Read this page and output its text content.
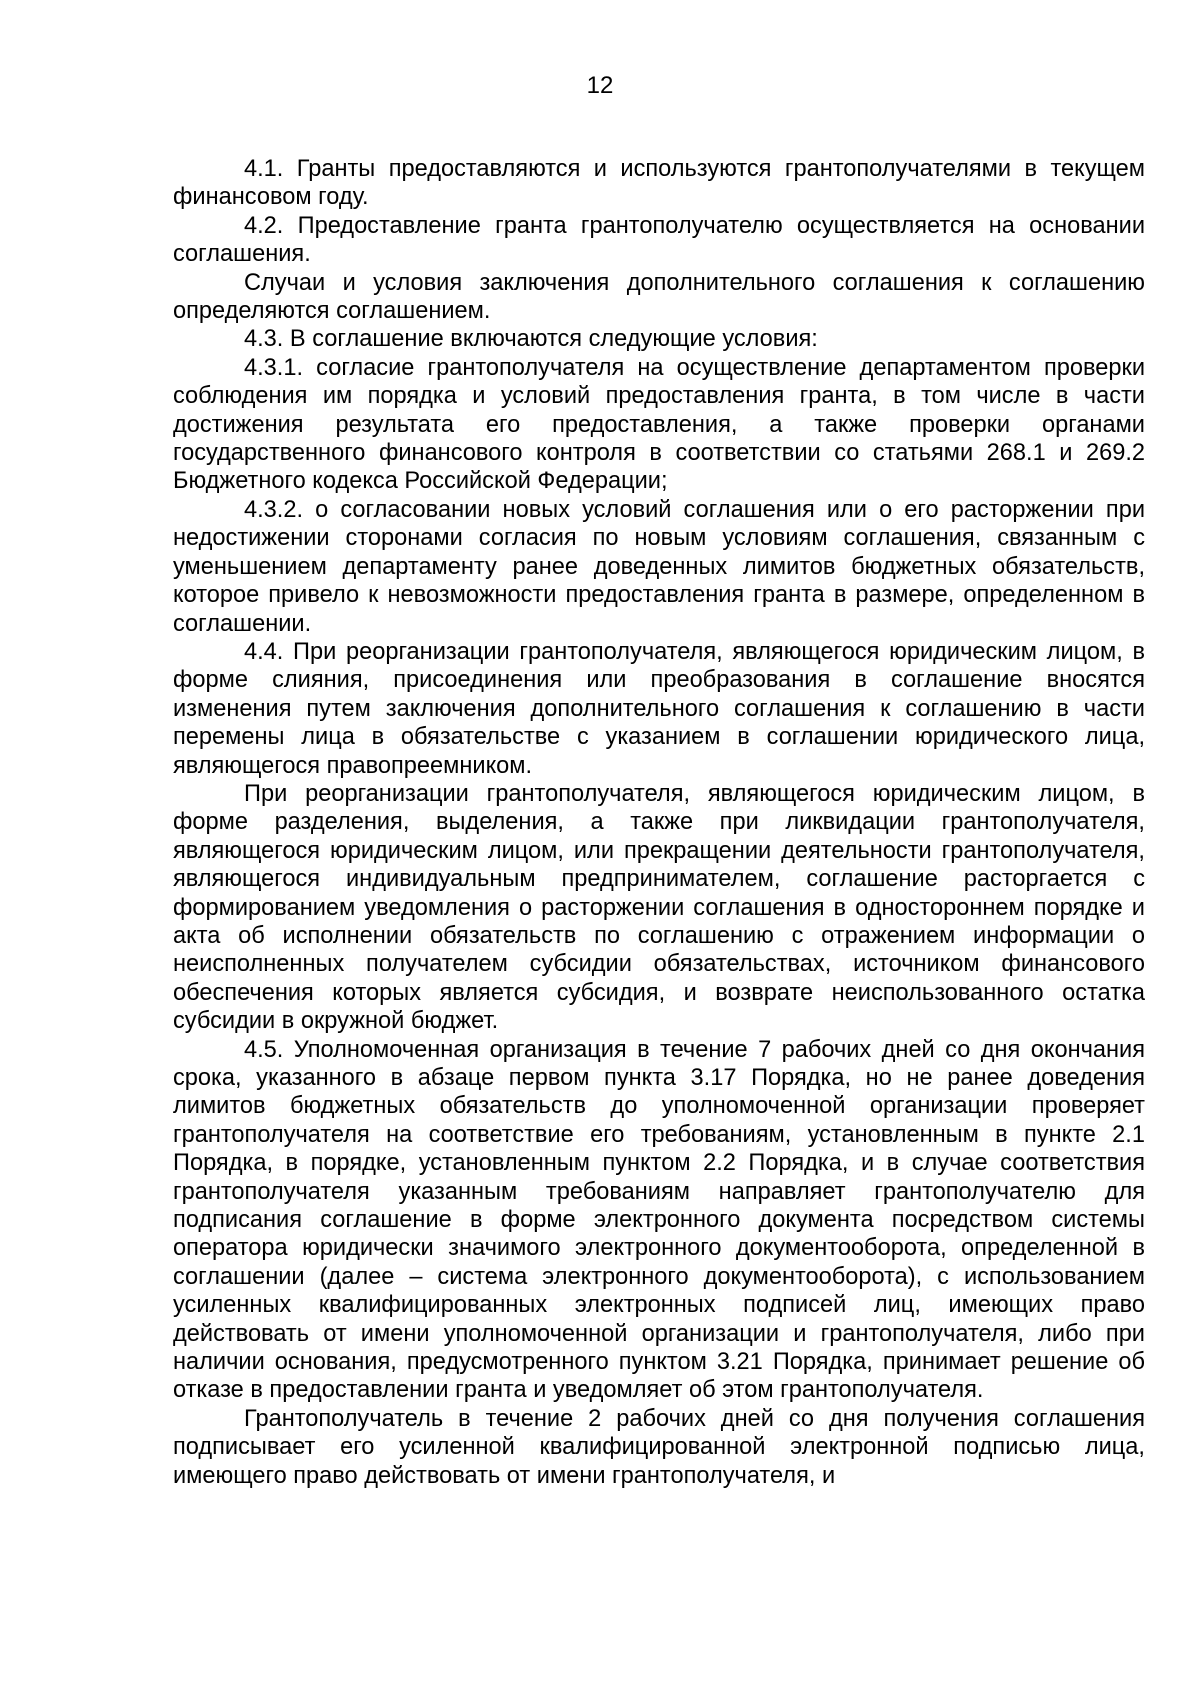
12

4.1. Гранты предоставляются и используются грантополучателями в текущем финансовом году.

4.2. Предоставление гранта грантополучателю осуществляется на основании соглашения.

Случаи и условия заключения дополнительного соглашения к соглашению определяются соглашением.

4.3. В соглашение включаются следующие условия:

4.3.1. согласие грантополучателя на осуществление департаментом проверки соблюдения им порядка и условий предоставления гранта, в том числе в части достижения результата его предоставления, а также проверки органами государственного финансового контроля в соответствии со статьями 268.1 и 269.2 Бюджетного кодекса Российской Федерации;

4.3.2. о согласовании новых условий соглашения или о его расторжении при недостижении сторонами согласия по новым условиям соглашения, связанным с уменьшением департаменту ранее доведенных лимитов бюджетных обязательств, которое привело к невозможности предоставления гранта в размере, определенном в соглашении.

4.4. При реорганизации грантополучателя, являющегося юридическим лицом, в форме слияния, присоединения или преобразования в соглашение вносятся изменения путем заключения дополнительного соглашения к соглашению в части перемены лица в обязательстве с указанием в соглашении юридического лица, являющегося правопреемником.

При реорганизации грантополучателя, являющегося юридическим лицом, в форме разделения, выделения, а также при ликвидации грантополучателя, являющегося юридическим лицом, или прекращении деятельности грантополучателя, являющегося индивидуальным предпринимателем, соглашение расторгается с формированием уведомления о расторжении соглашения в одностороннем порядке и акта об исполнении обязательств по соглашению с отражением информации о неисполненных получателем субсидии обязательствах, источником финансового обеспечения которых является субсидия, и возврате неиспользованного остатка субсидии в окружной бюджет.

4.5. Уполномоченная организация в течение 7 рабочих дней со дня окончания срока, указанного в абзаце первом пункта 3.17 Порядка, но не ранее доведения лимитов бюджетных обязательств до уполномоченной организации проверяет грантополучателя на соответствие его требованиям, установленным в пункте 2.1 Порядка, в порядке, установленным пунктом 2.2 Порядка, и в случае соответствия грантополучателя указанным требованиям направляет грантополучателю для подписания соглашение в форме электронного документа посредством системы оператора юридически значимого электронного документооборота, определенной в соглашении (далее – система электронного документооборота), с использованием усиленных квалифицированных электронных подписей лиц, имеющих право действовать от имени уполномоченной организации и грантополучателя, либо при наличии основания, предусмотренного пунктом 3.21 Порядка, принимает решение об отказе в предоставлении гранта и уведомляет об этом грантополучателя.

Грантополучатель в течение 2 рабочих дней со дня получения соглашения подписывает его усиленной квалифицированной электронной подписью лица, имеющего право действовать от имени грантополучателя, и
